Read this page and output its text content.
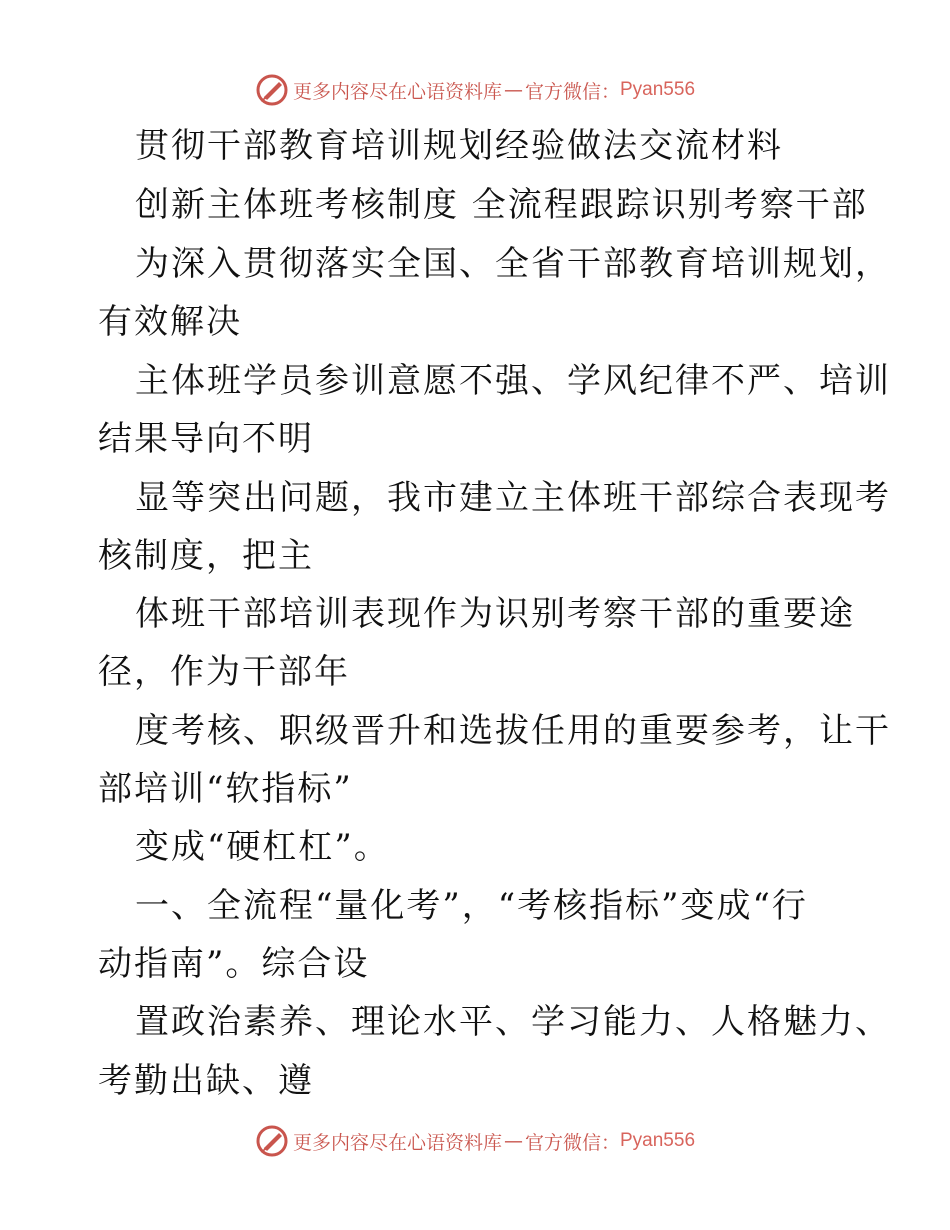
更多内容尽在心语资料库 — 官方微信： Pyan556
贯彻干部教育培训规划经验做法交流材料
创新主体班考核制度 全流程跟踪识别考察干部
为深入贯彻落实全国、全省干部教育培训规划，
有效解决
主体班学员参训意愿不强、学风纪律不严、培训
结果导向不明
显等突出问题，我市建立主体班干部综合表现考
核制度，把主
体班干部培训表现作为识别考察干部的重要途
径，作为干部年
度考核、职级晋升和选拔任用的重要参考，让干
部培训“软指标”
变成“硬杠杠”。
一、全流程“量化考”，“考核指标”变成“行
动指南”。综合设
置政治素养、理论水平、学习能力、人格魅力、
考勤出缺、遵
更多内容尽在心语资料库 — 官方微信： Pyan556
